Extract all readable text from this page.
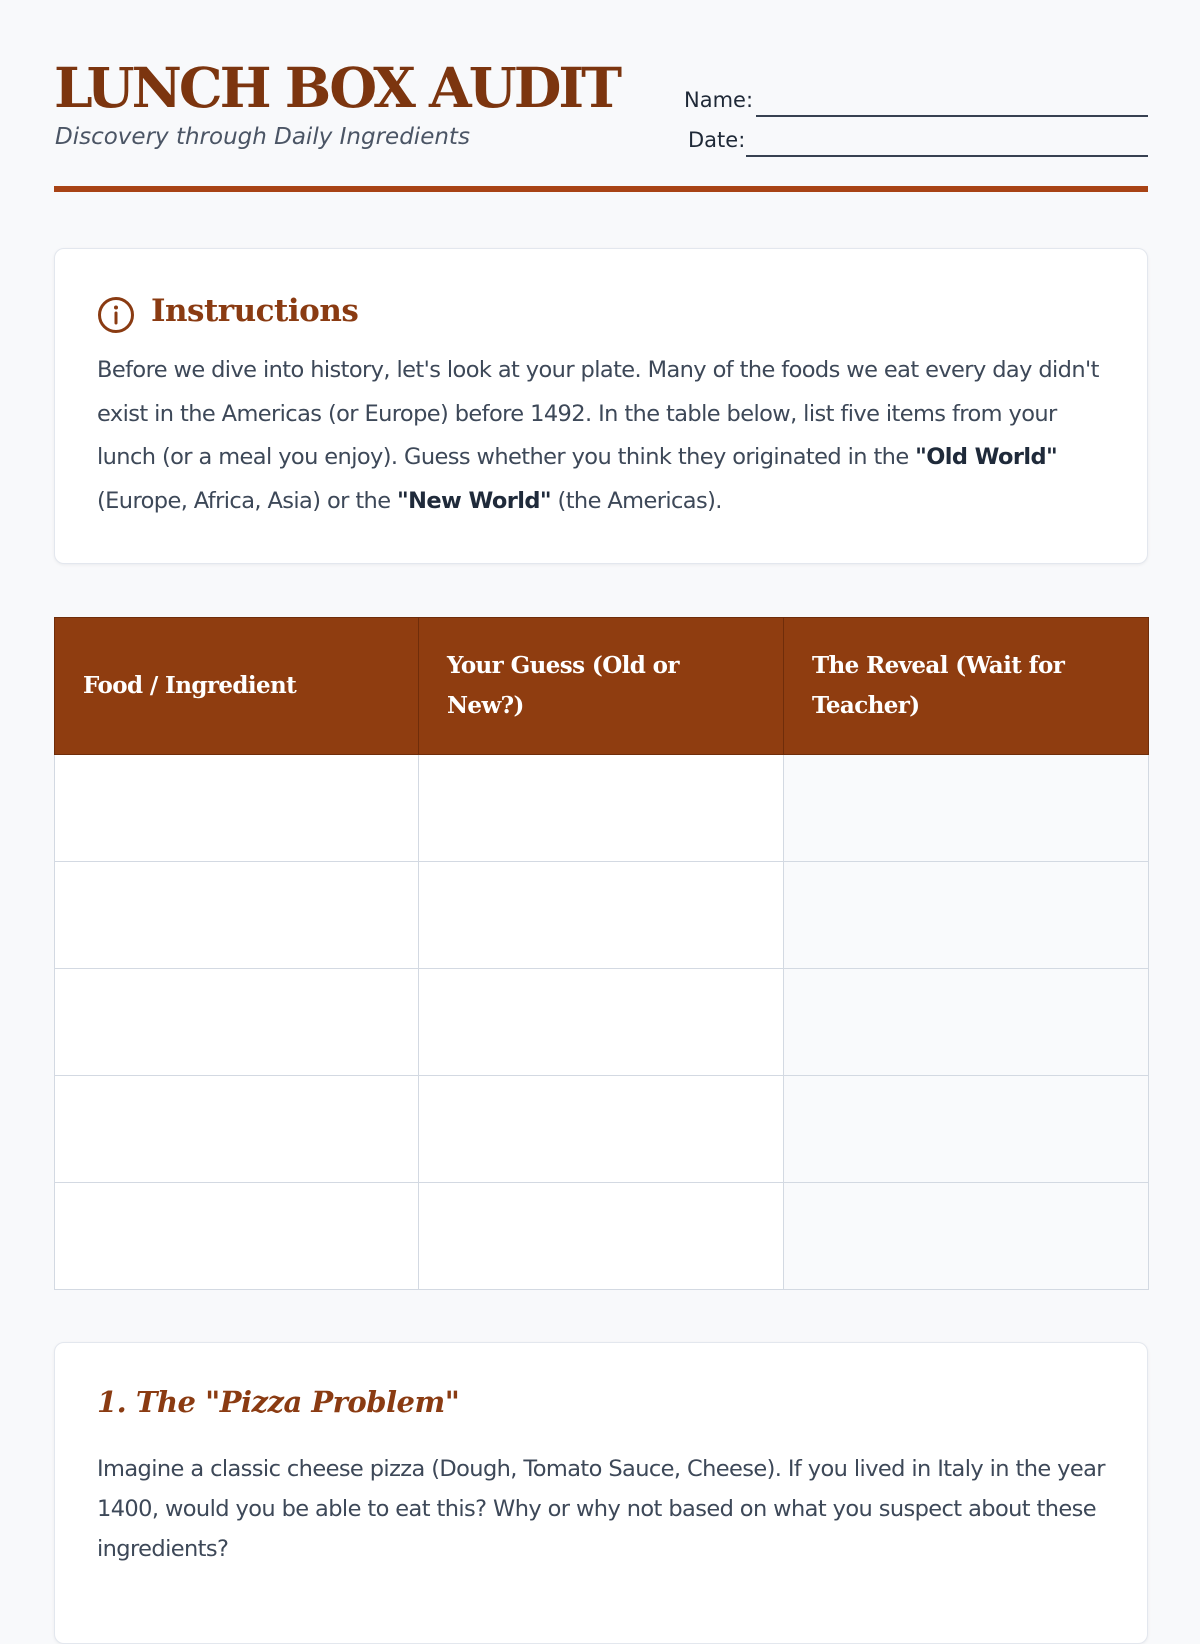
LUNCH BOX AUDIT
Discovery through Daily Ingredients
Name:
Date:
Instructions
Before we dive into history, let's look at your plate. Many of the foods we eat every day didn't exist in the Americas (or Europe) before 1492. In the table below, list five items from your lunch (or a meal you enjoy). Guess whether you think they originated in the "Old World" (Europe, Africa, Asia) or the "New World" (the Americas).
Food / Ingredient	Your Guess (Old or New?)	The Reveal (Wait for Teacher)

1. The "Pizza Problem"
Imagine a classic cheese pizza (Dough, Tomato Sauce, Cheese). If you lived in Italy in the year 1400, would you be able to eat this? Why or why not based on what you suspect about these ingredients?
